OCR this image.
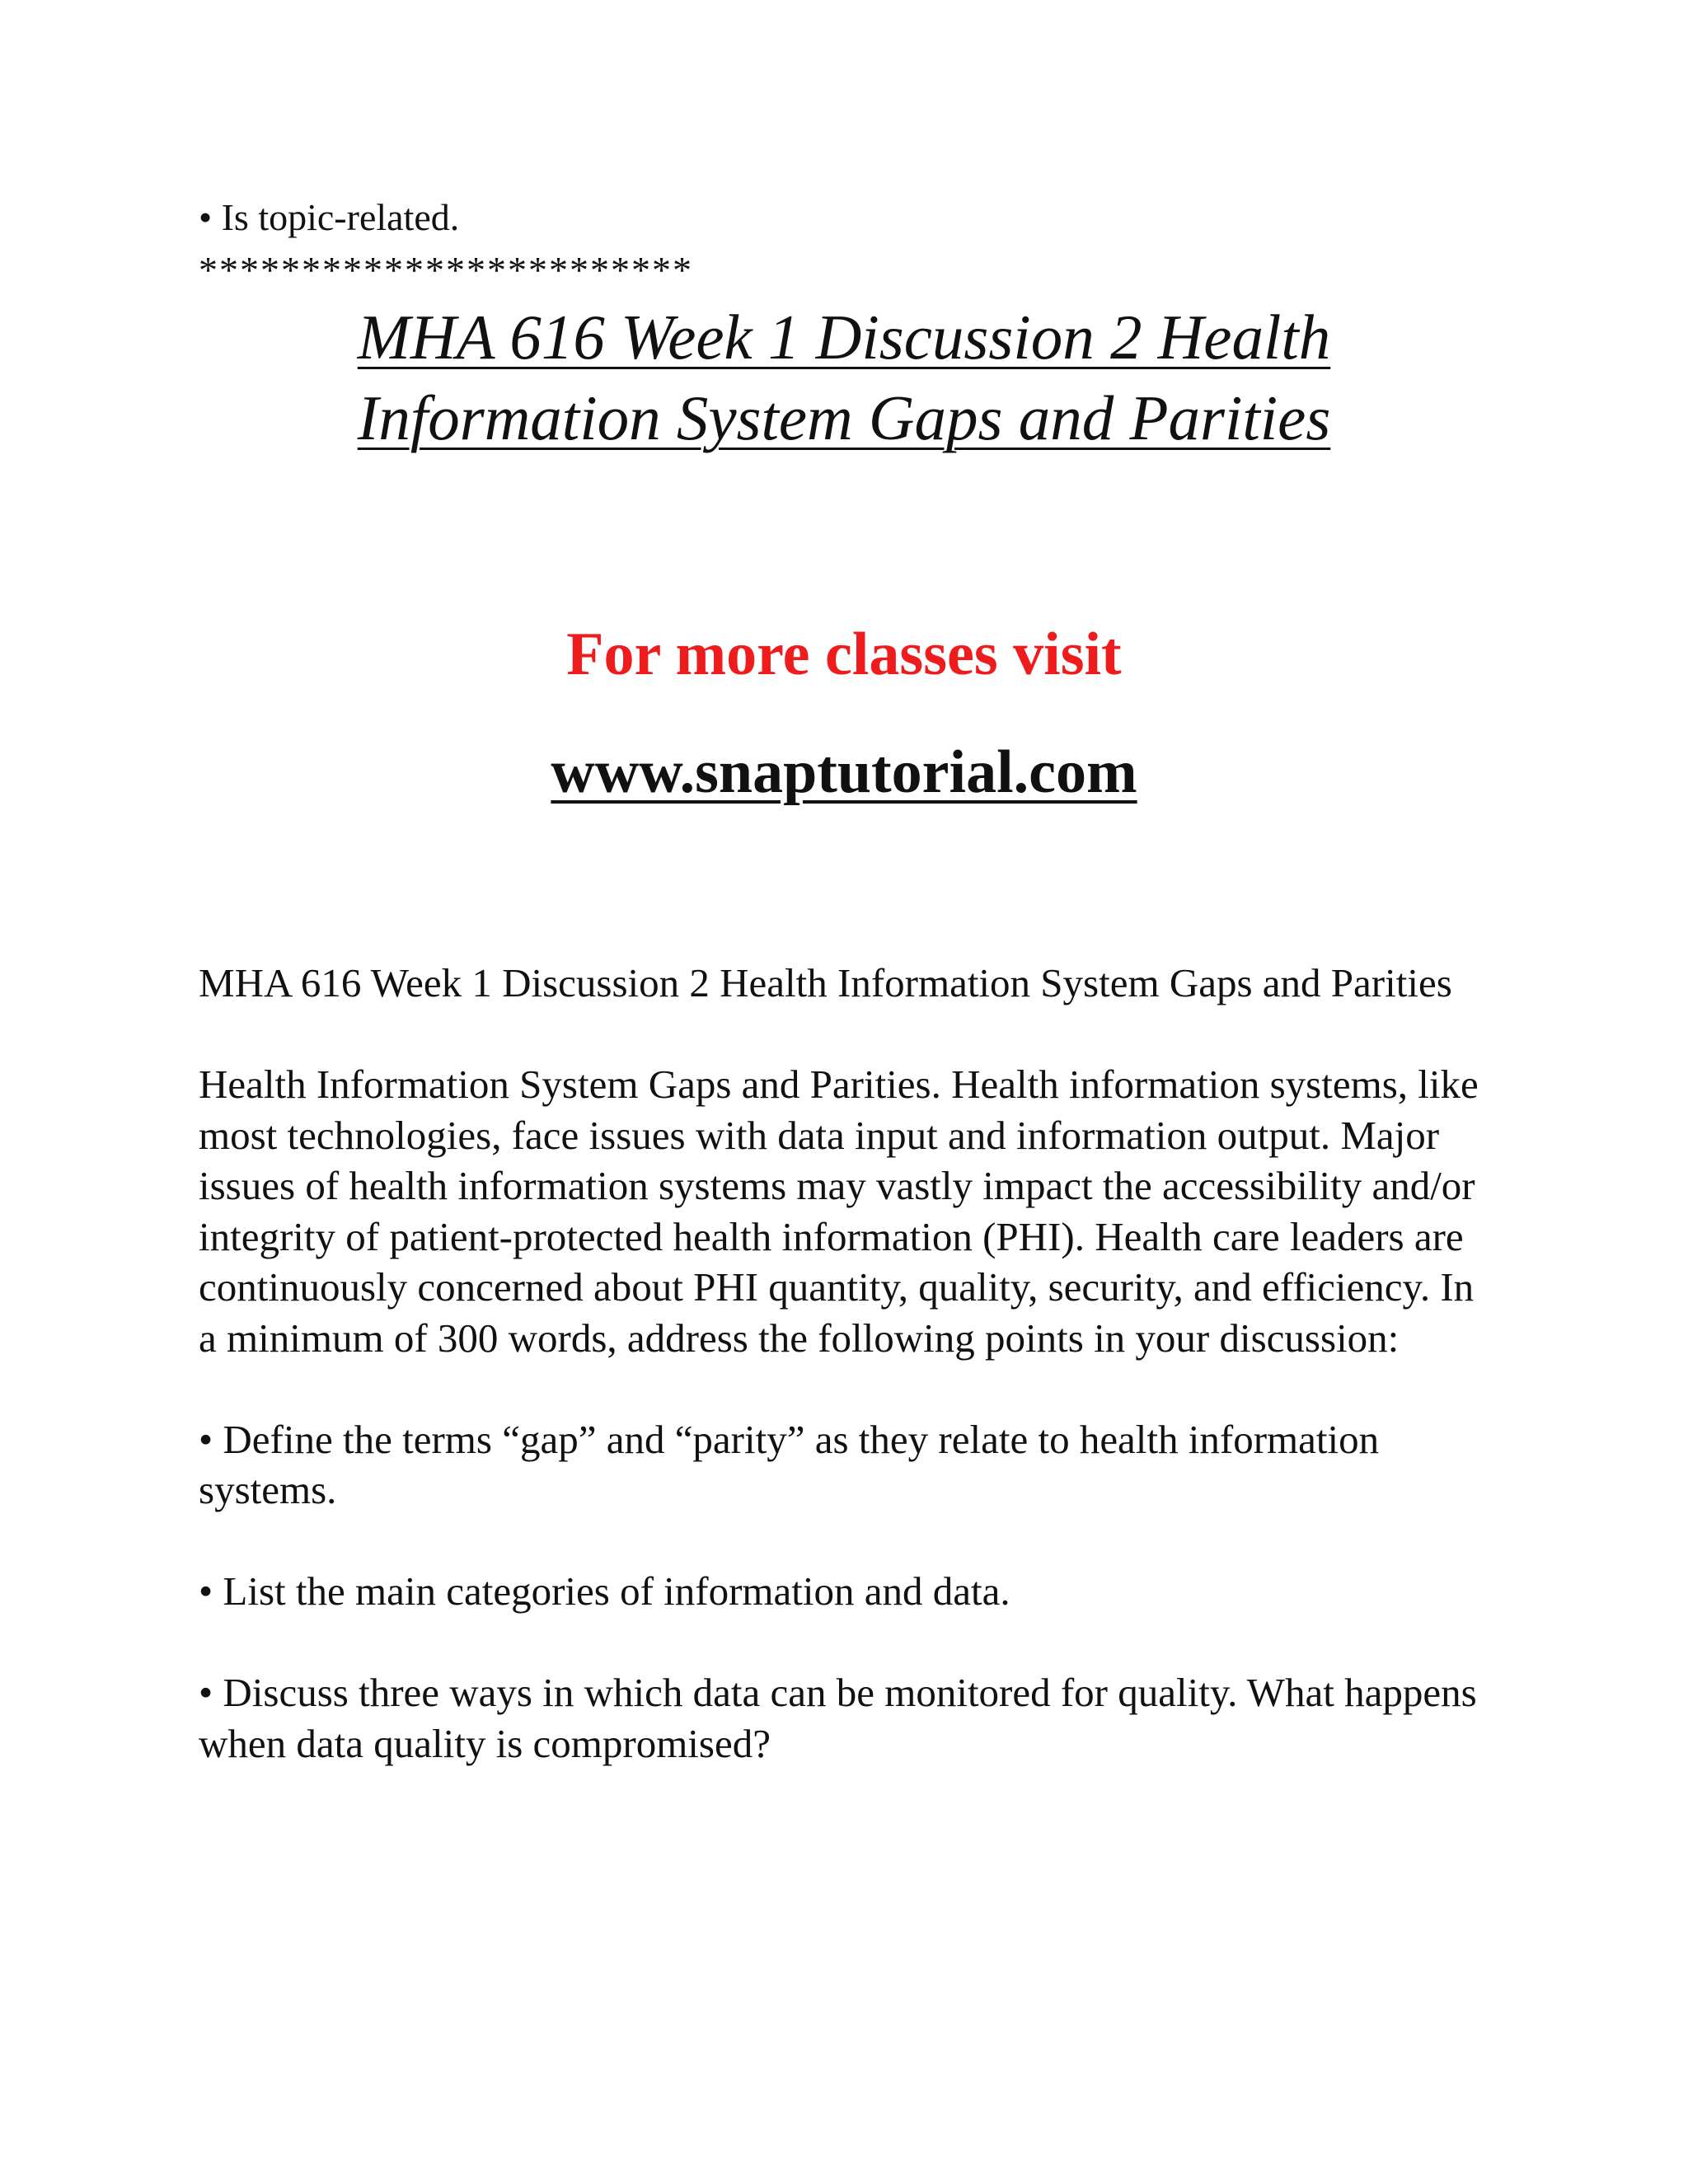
• Is topic-related.
************************
MHA 616 Week 1 Discussion 2 Health
Information System Gaps and Parities
For more classes visit
www.snaptutorial.com

MHA 616 Week 1 Discussion 2 Health Information System Gaps and Parities

Health Information System Gaps and Parities. Health information systems, like most technologies, face issues with data input and information output. Major issues of health information systems may vastly impact the accessibility and/or integrity of patient-protected health information (PHI). Health care leaders are continuously concerned about PHI quantity, quality, security, and efficiency. In a minimum of 300 words, address the following points in your discussion:

• Define the terms “gap” and “parity” as they relate to health information systems.

• List the main categories of information and data.

• Discuss three ways in which data can be monitored for quality. What happens when data quality is compromised?
